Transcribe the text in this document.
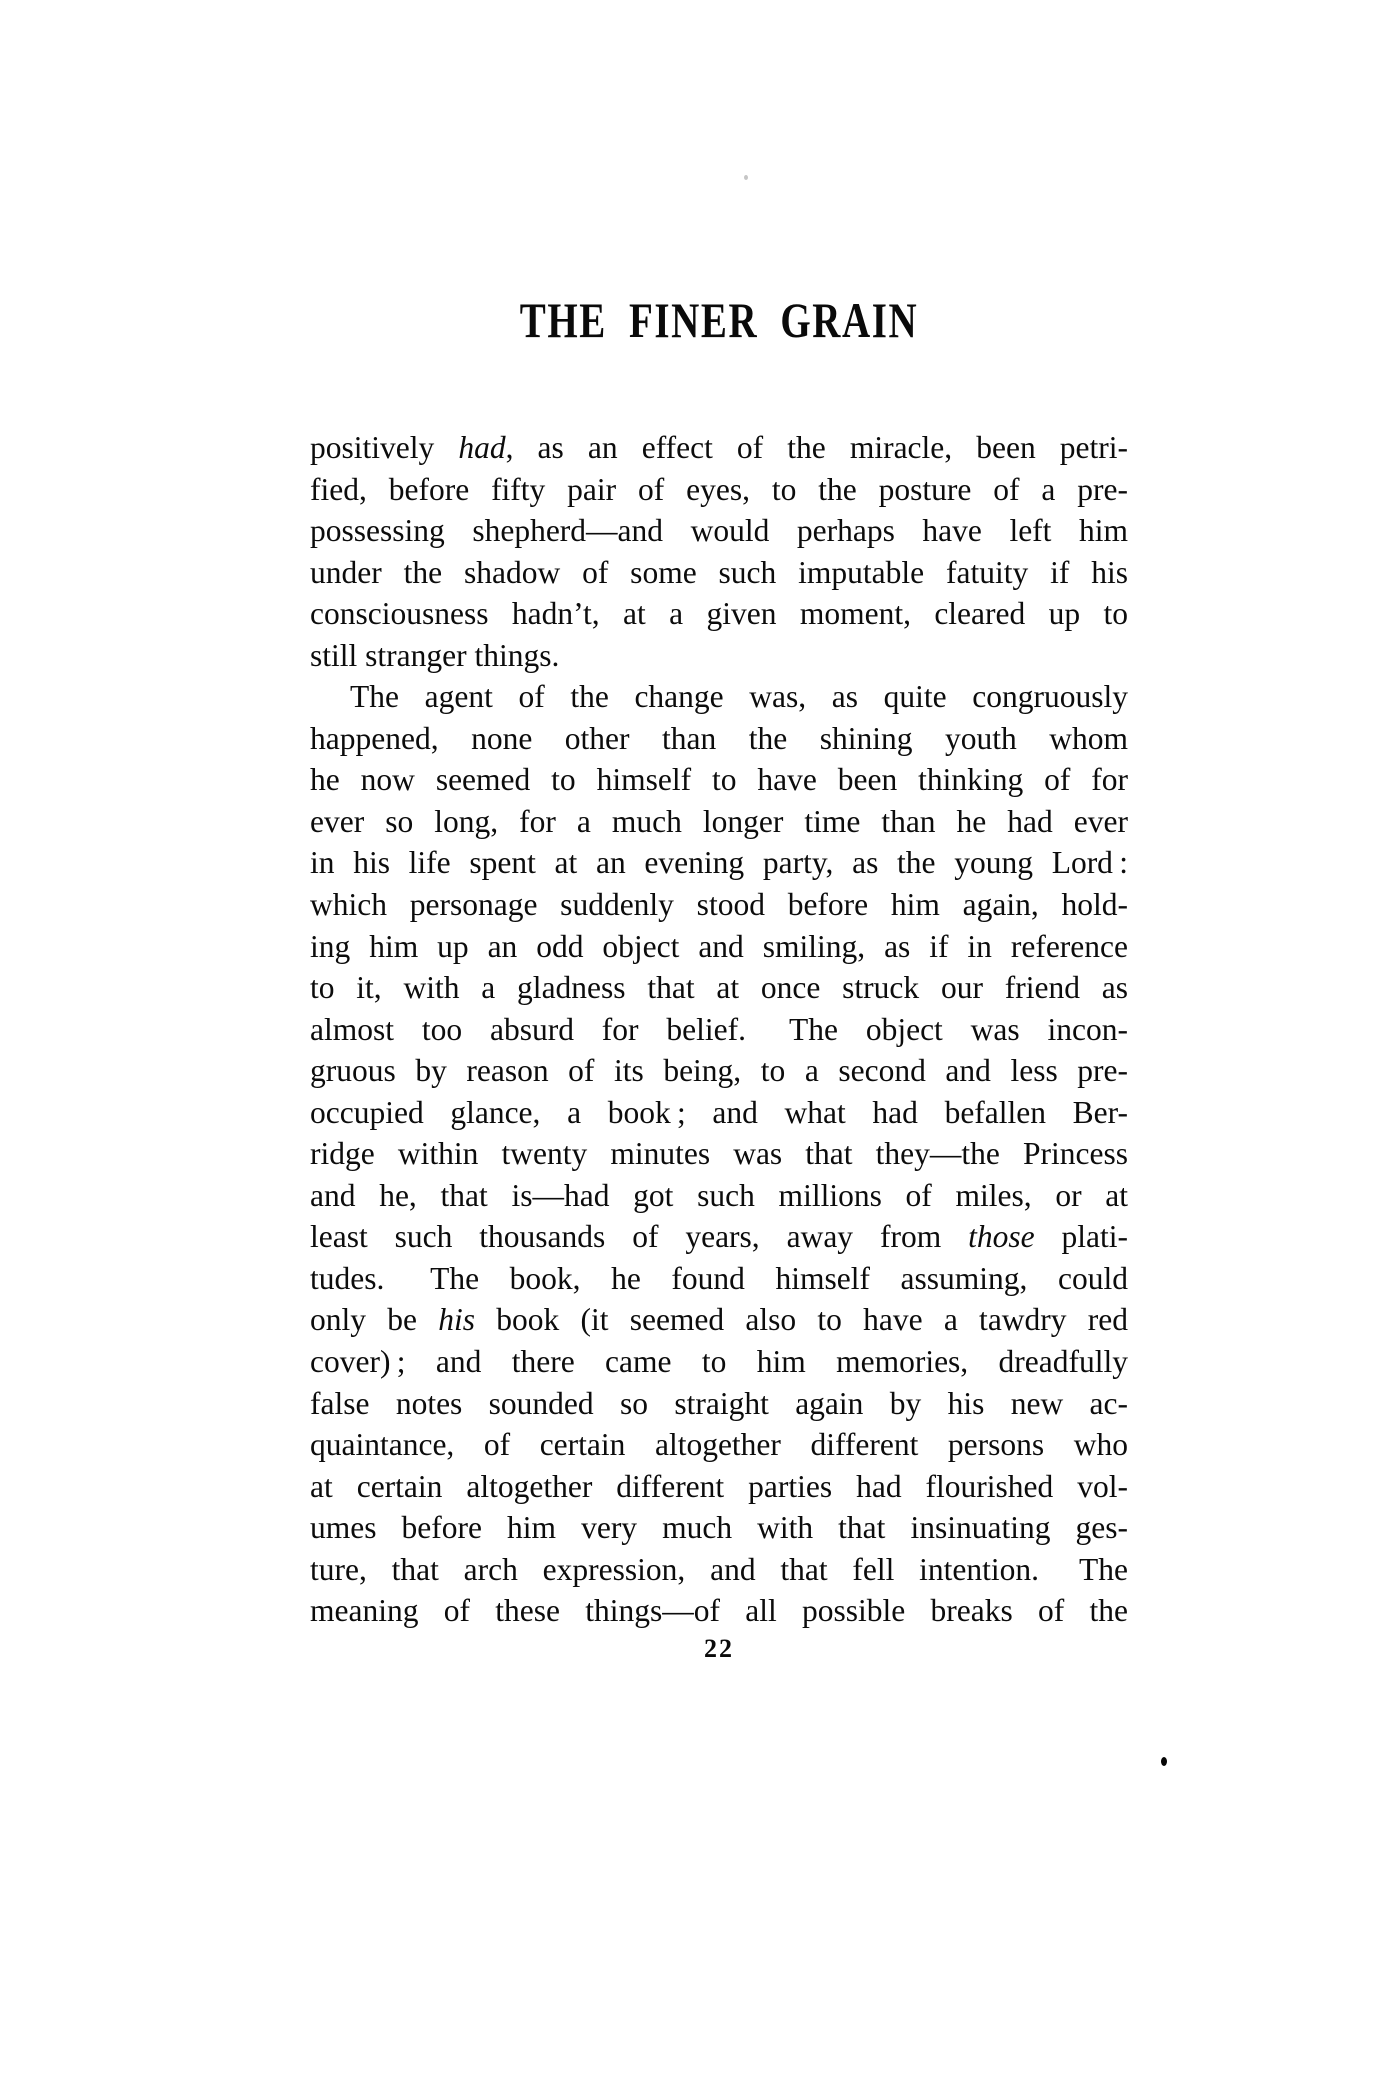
THE FINER GRAIN
positively had, as an effect of the miracle, been petri-
fied, before fifty pair of eyes, to the posture of a pre-
possessing shepherd—and would perhaps have left him
under the shadow of some such imputable fatuity if his
consciousness hadn’t, at a given moment, cleared up to
still stranger things.
The agent of the change was, as quite congruously
happened, none other than the shining youth whom
he now seemed to himself to have been thinking of for
ever so long, for a much longer time than he had ever
in his life spent at an evening party, as the young Lord :
which personage suddenly stood before him again, hold-
ing him up an odd object and smiling, as if in reference
to it, with a gladness that at once struck our friend as
almost too absurd for belief.  The object was incon-
gruous by reason of its being, to a second and less pre-
occupied glance, a book ; and what had befallen Ber-
ridge within twenty minutes was that they—the Princess
and he, that is—had got such millions of miles, or at
least such thousands of years, away from those plati-
tudes.  The book, he found himself assuming, could
only be his book (it seemed also to have a tawdry red
cover) ; and there came to him memories, dreadfully
false notes sounded so straight again by his new ac-
quaintance, of certain altogether different persons who
at certain altogether different parties had flourished vol-
umes before him very much with that insinuating ges-
ture, that arch expression, and that fell intention.  The
meaning of these things—of all possible breaks of the
22
